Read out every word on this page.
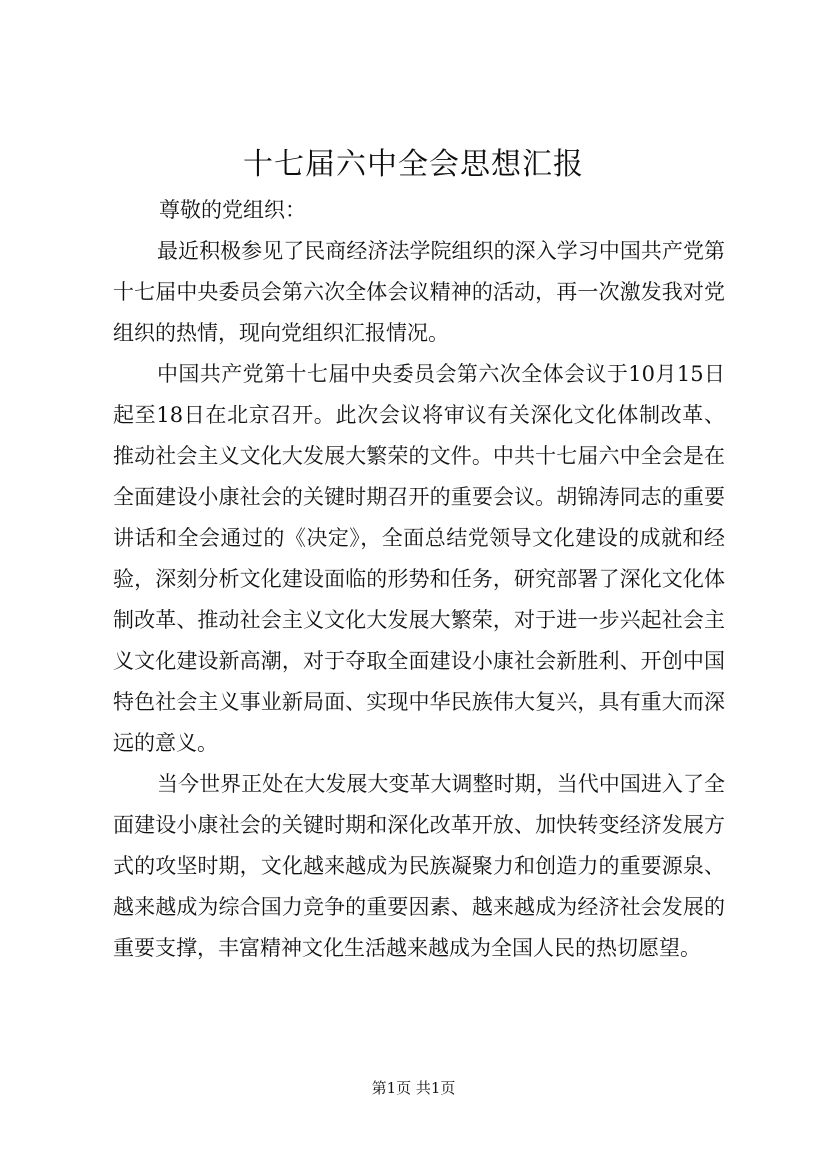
十七届六中全会思想汇报

尊敬的党组织：

最近积极参见了民商经济法学院组织的深入学习中国共产党第十七届中央委员会第六次全体会议精神的活动，再一次激发我对党组织的热情，现向党组织汇报情况。

中国共产党第十七届中央委员会第六次全体会议于10月15日起至18日在北京召开。此次会议将审议有关深化文化体制改革、推动社会主义文化大发展大繁荣的文件。中共十七届六中全会是在全面建设小康社会的关键时期召开的重要会议。胡锦涛同志的重要讲话和全会通过的《决定》，全面总结党领导文化建设的成就和经验，深刻分析文化建设面临的形势和任务，研究部署了深化文化体制改革、推动社会主义文化大发展大繁荣，对于进一步兴起社会主义文化建设新高潮，对于夺取全面建设小康社会新胜利、开创中国特色社会主义事业新局面、实现中华民族伟大复兴，具有重大而深远的意义。

当今世界正处在大发展大变革大调整时期，当代中国进入了全面建设小康社会的关键时期和深化改革开放、加快转变经济发展方式的攻坚时期，文化越来越成为民族凝聚力和创造力的重要源泉、越来越成为综合国力竞争的重要因素、越来越成为经济社会发展的重要支撑，丰富精神文化生活越来越成为全国人民的热切愿望。

第1页 共1页
